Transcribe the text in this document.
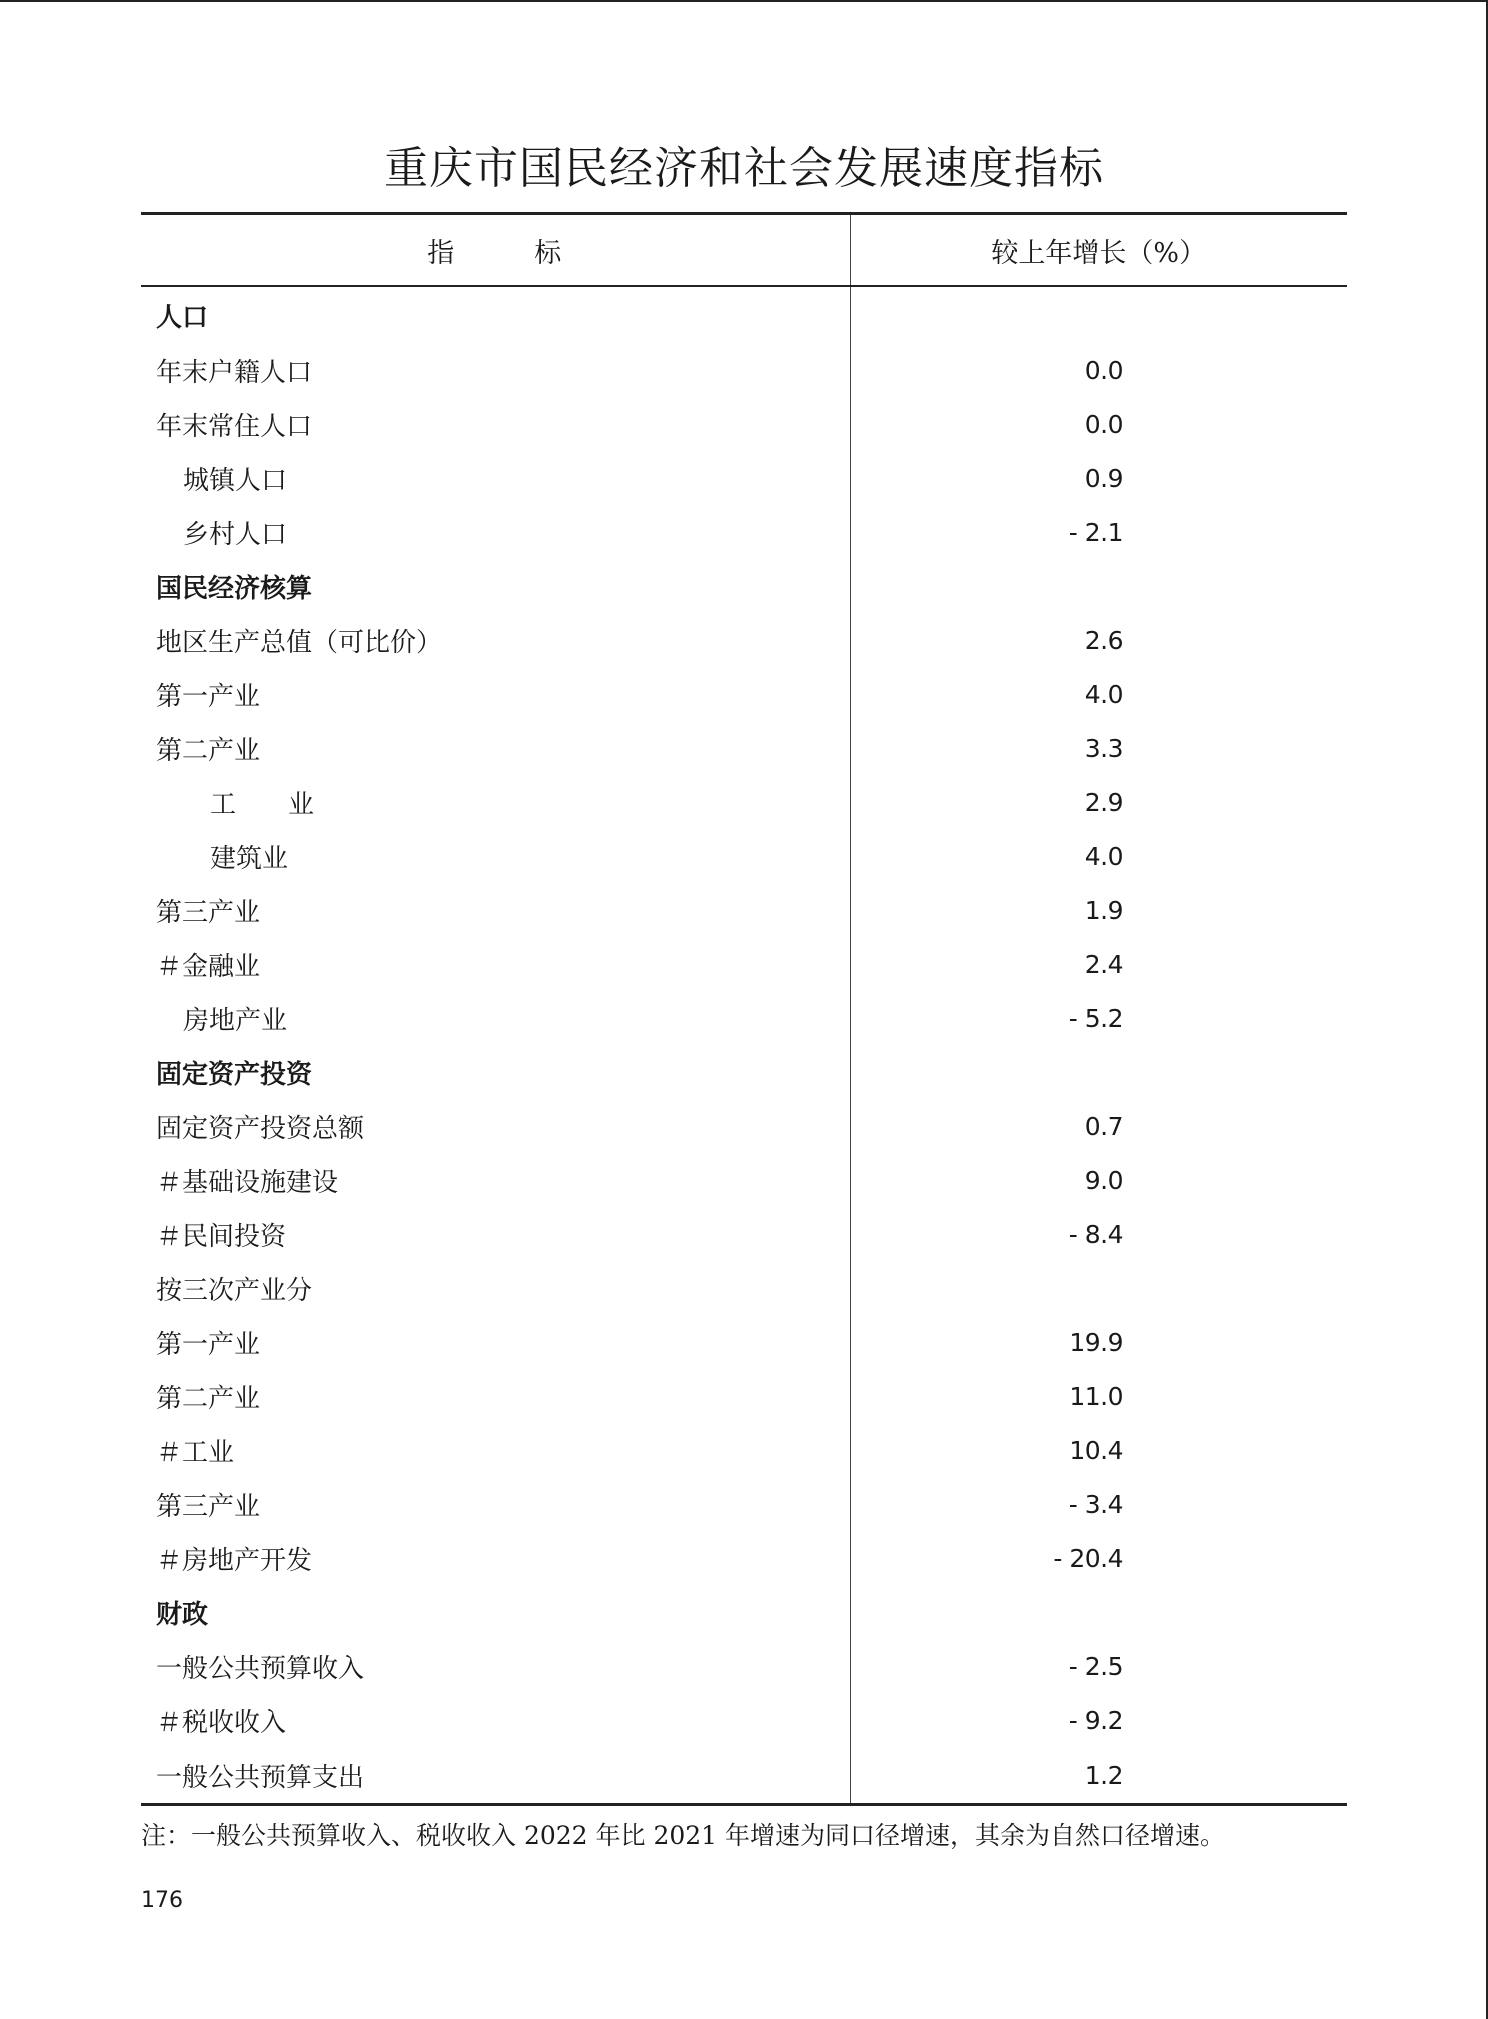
重庆市国民经济和社会发展速度指标
指 标	较上年增长（%）
人口	
年末户籍人口	0.0
年末常住人口	0.0
城镇人口	0.9
乡村人口	- 2.1
国民经济核算	
地区生产总值（可比价）	2.6
第一产业	4.0
第二产业	3.3
工　　业	2.9
建筑业	4.0
第三产业	1.9
＃金融业	2.4
房地产业	- 5.2
固定资产投资	
固定资产投资总额	0.7
＃基础设施建设	9.0
＃民间投资	- 8.4
按三次产业分	
第一产业	19.9
第二产业	11.0
＃工业	10.4
第三产业	- 3.4
＃房地产开发	- 20.4
财政	
一般公共预算收入	- 2.5
＃税收收入	- 9.2
一般公共预算支出	1.2
注：一般公共预算收入、税收收入 2022 年比 2021 年增速为同口径增速，其余为自然口径增速。
176
